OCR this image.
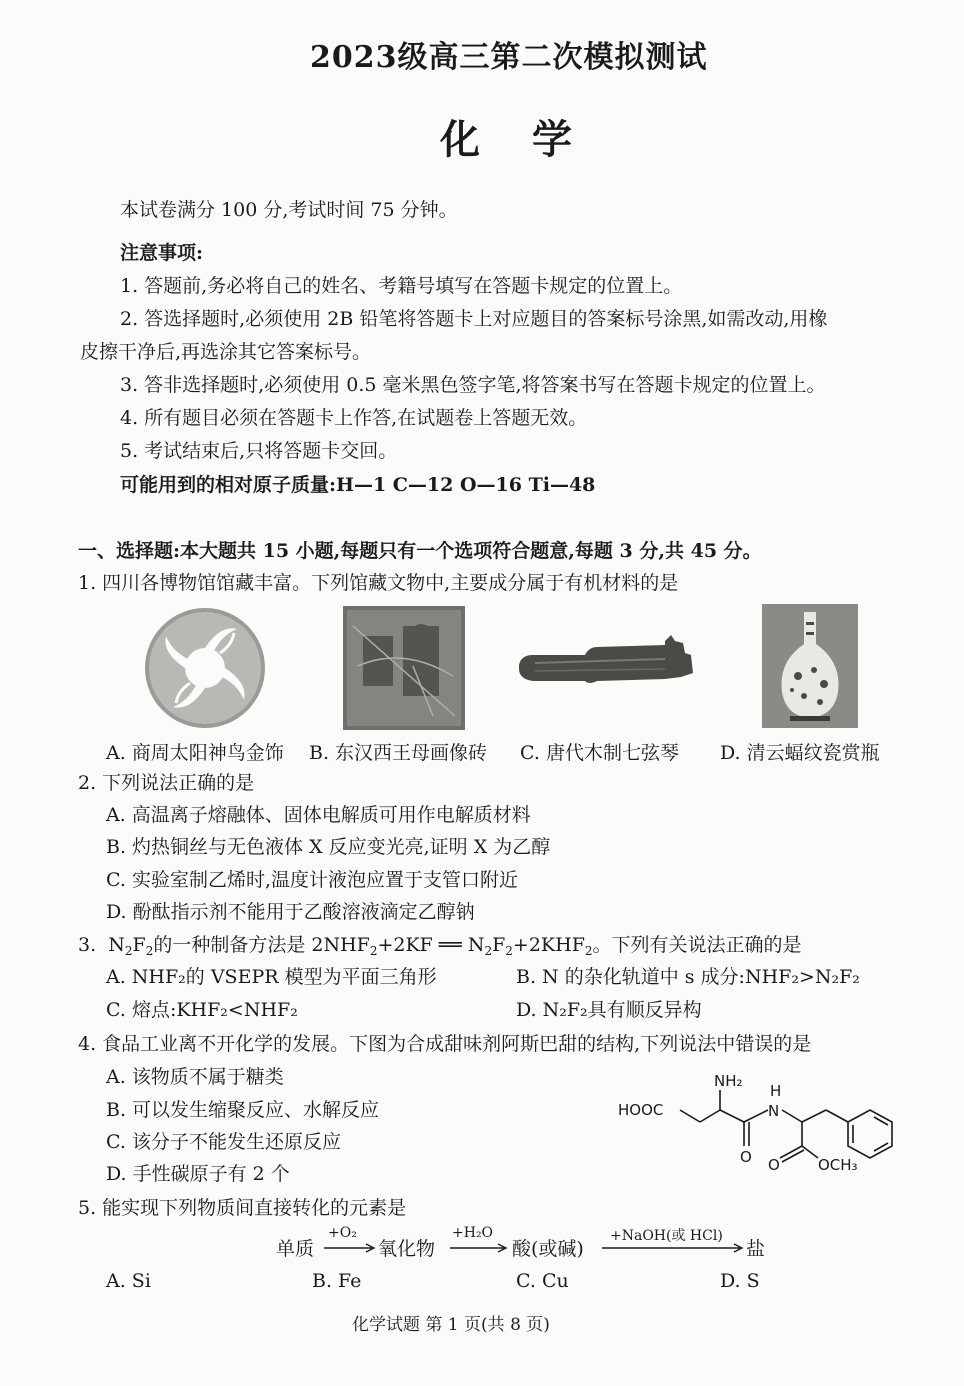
2023级高三第二次模拟测试
化学
本试卷满分 100 分,考试时间 75 分钟。
注意事项:
1. 答题前,务必将自己的姓名、考籍号填写在答题卡规定的位置上。
2. 答选择题时,必须使用 2B 铅笔将答题卡上对应题目的答案标号涂黑,如需改动,用橡
皮擦干净后,再选涂其它答案标号。
3. 答非选择题时,必须使用 0.5 毫米黑色签字笔,将答案书写在答题卡规定的位置上。
4. 所有题目必须在答题卡上作答,在试题卷上答题无效。
5. 考试结束后,只将答题卡交回。
可能用到的相对原子质量:H—1 C—12 O—16 Ti—48
一、选择题:本大题共 15 小题,每题只有一个选项符合题意,每题 3 分,共 45 分。
1. 四川各博物馆馆藏丰富。下列馆藏文物中,主要成分属于有机材料的是
A. 商周太阳神鸟金饰 B. 东汉西王母画像砖 C. 唐代木制七弦琴 D. 清云蝠纹瓷赏瓶
2. 下列说法正确的是
A. 高温离子熔融体、固体电解质可用作电解质材料
B. 灼热铜丝与无色液体 X 反应变光亮,证明 X 为乙醇
C. 实验室制乙烯时,温度计液泡应置于支管口附近
D. 酚酞指示剂不能用于乙酸溶液滴定乙醇钠
3. $N_2F_2$的一种制备方法是 $2NHF_2+2KF$ ══ $N_2F_2+2KHF_2$。下列有关说法正确的是
A. NHF₂的 VSEPR 模型为平面三角形	B. N 的杂化轨道中 s 成分:NHF₂>N₂F₂
C. 熔点:KHF₂<NHF₂	D. N₂F₂具有顺反异构
4. 食品工业离不开化学的发展。下图为合成甜味剂阿斯巴甜的结构,下列说法中错误的是
A. 该物质不属于糖类
B. 可以发生缩聚反应、水解反应
C. 该分子不能发生还原反应
D. 手性碳原子有 2 个
HOOC
NH₂
H
N
O O	OCH₃
5. 能实现下列物质间直接转化的元素是
单质
+O₂
氧化物
+H₂O
酸(或碱)
+NaOH(或 HCl)
盐
A. Si	B. Fe	C. Cu	D. S
化学试题 第 1 页(共 8 页)
